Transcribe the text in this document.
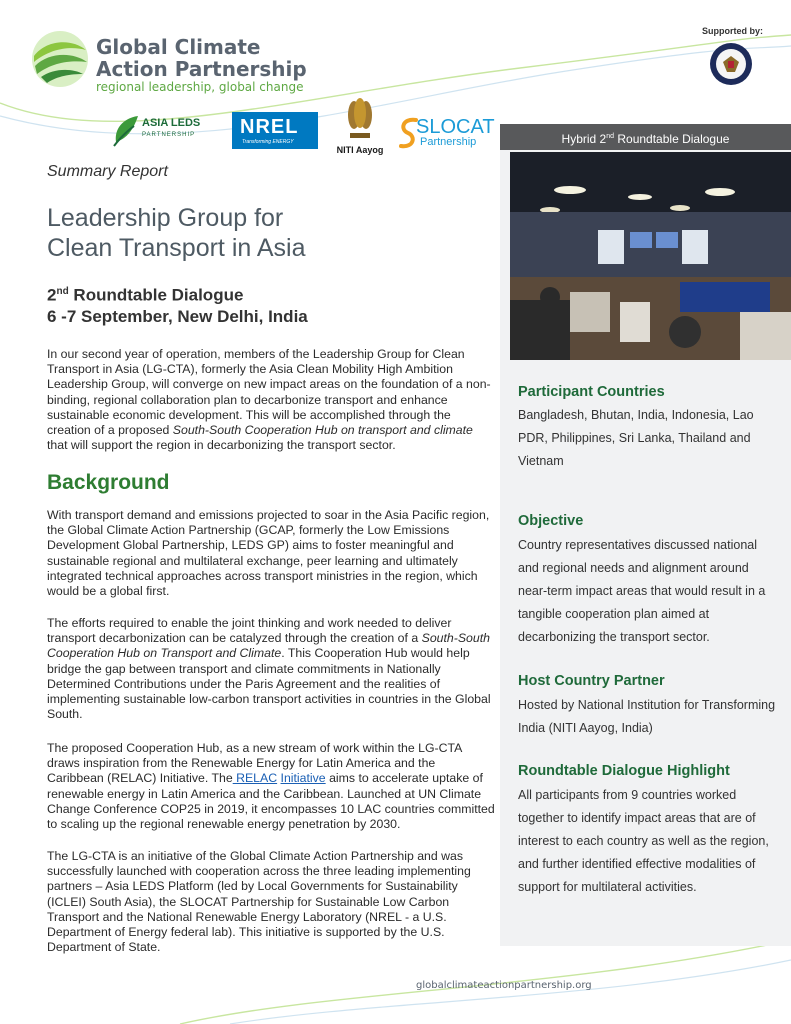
Global Climate
Action Partnership
regional leadership, global change
Supported by:
ASIA LEDS
PARTNERSHIP NREL
Transforming ENERGY
NITI Aayog
SLOCAT
Partnership
Summary Report
Leadership Group for
Clean Transport in Asia
2nd Roundtable Dialogue
6 -7 September, New Delhi, India
In our second year of operation, members of the Leadership Group for Clean Transport in Asia (LG-CTA), formerly the Asia Clean Mobility High Ambition Leadership Group, will converge on new impact areas on the foundation of a non-binding, regional collaboration plan to decarbonize transport and enhance sustainable economic development. This will be accomplished through the creation of a proposed South-South Cooperation Hub on transport and climate that will support the region in decarbonizing the transport sector.
Background
With transport demand and emissions projected to soar in the Asia Pacific region, the Global Climate Action Partnership (GCAP, formerly the Low Emissions Development Global Partnership, LEDS GP) aims to foster meaningful and sustainable regional and multilateral exchange, peer learning and ultimately integrated technical approaches across transport ministries in the region, which would be a global first.
The efforts required to enable the joint thinking and work needed to deliver transport decarbonization can be catalyzed through the creation of a South-South Cooperation Hub on Transport and Climate. This Cooperation Hub would help bridge the gap between transport and climate commitments in Nationally Determined Contributions under the Paris Agreement and the realities of implementing sustainable low-carbon transport activities in countries in the Global South.
The proposed Cooperation Hub, as a new stream of work within the LG-CTA draws inspiration from the Renewable Energy for Latin America and the Caribbean (RELAC) Initiative. The RELAC Initiative aims to accelerate uptake of renewable energy in Latin America and the Caribbean. Launched at UN Climate Change Conference COP25 in 2019, it encompasses 10 LAC countries committed to scaling up the regional renewable energy penetration by 2030.
The LG-CTA is an initiative of the Global Climate Action Partnership and was successfully launched with cooperation across the three leading implementing partners – Asia LEDS Platform (led by Local Governments for Sustainability (ICLEI) South Asia), the SLOCAT Partnership for Sustainable Low Carbon Transport and the National Renewable Energy Laboratory (NREL - a U.S. Department of Energy federal lab). This initiative is supported by the U.S. Department of State.
globalclimateactionpartnership.org
Hybrid 2nd Roundtable Dialogue
Participant Countries
Bangladesh, Bhutan, India, Indonesia, Lao PDR, Philippines, Sri Lanka, Thailand and Vietnam
Objective
Country representatives discussed national and regional needs and alignment around near-term impact areas that would result in a tangible cooperation plan aimed at decarbonizing the transport sector.
Host Country Partner
Hosted by National Institution for Transforming India (NITI Aayog, India)
Roundtable Dialogue Highlight
All participants from 9 countries worked together to identify impact areas that are of interest to each country as well as the region, and further identified effective modalities of support for multilateral activities.
